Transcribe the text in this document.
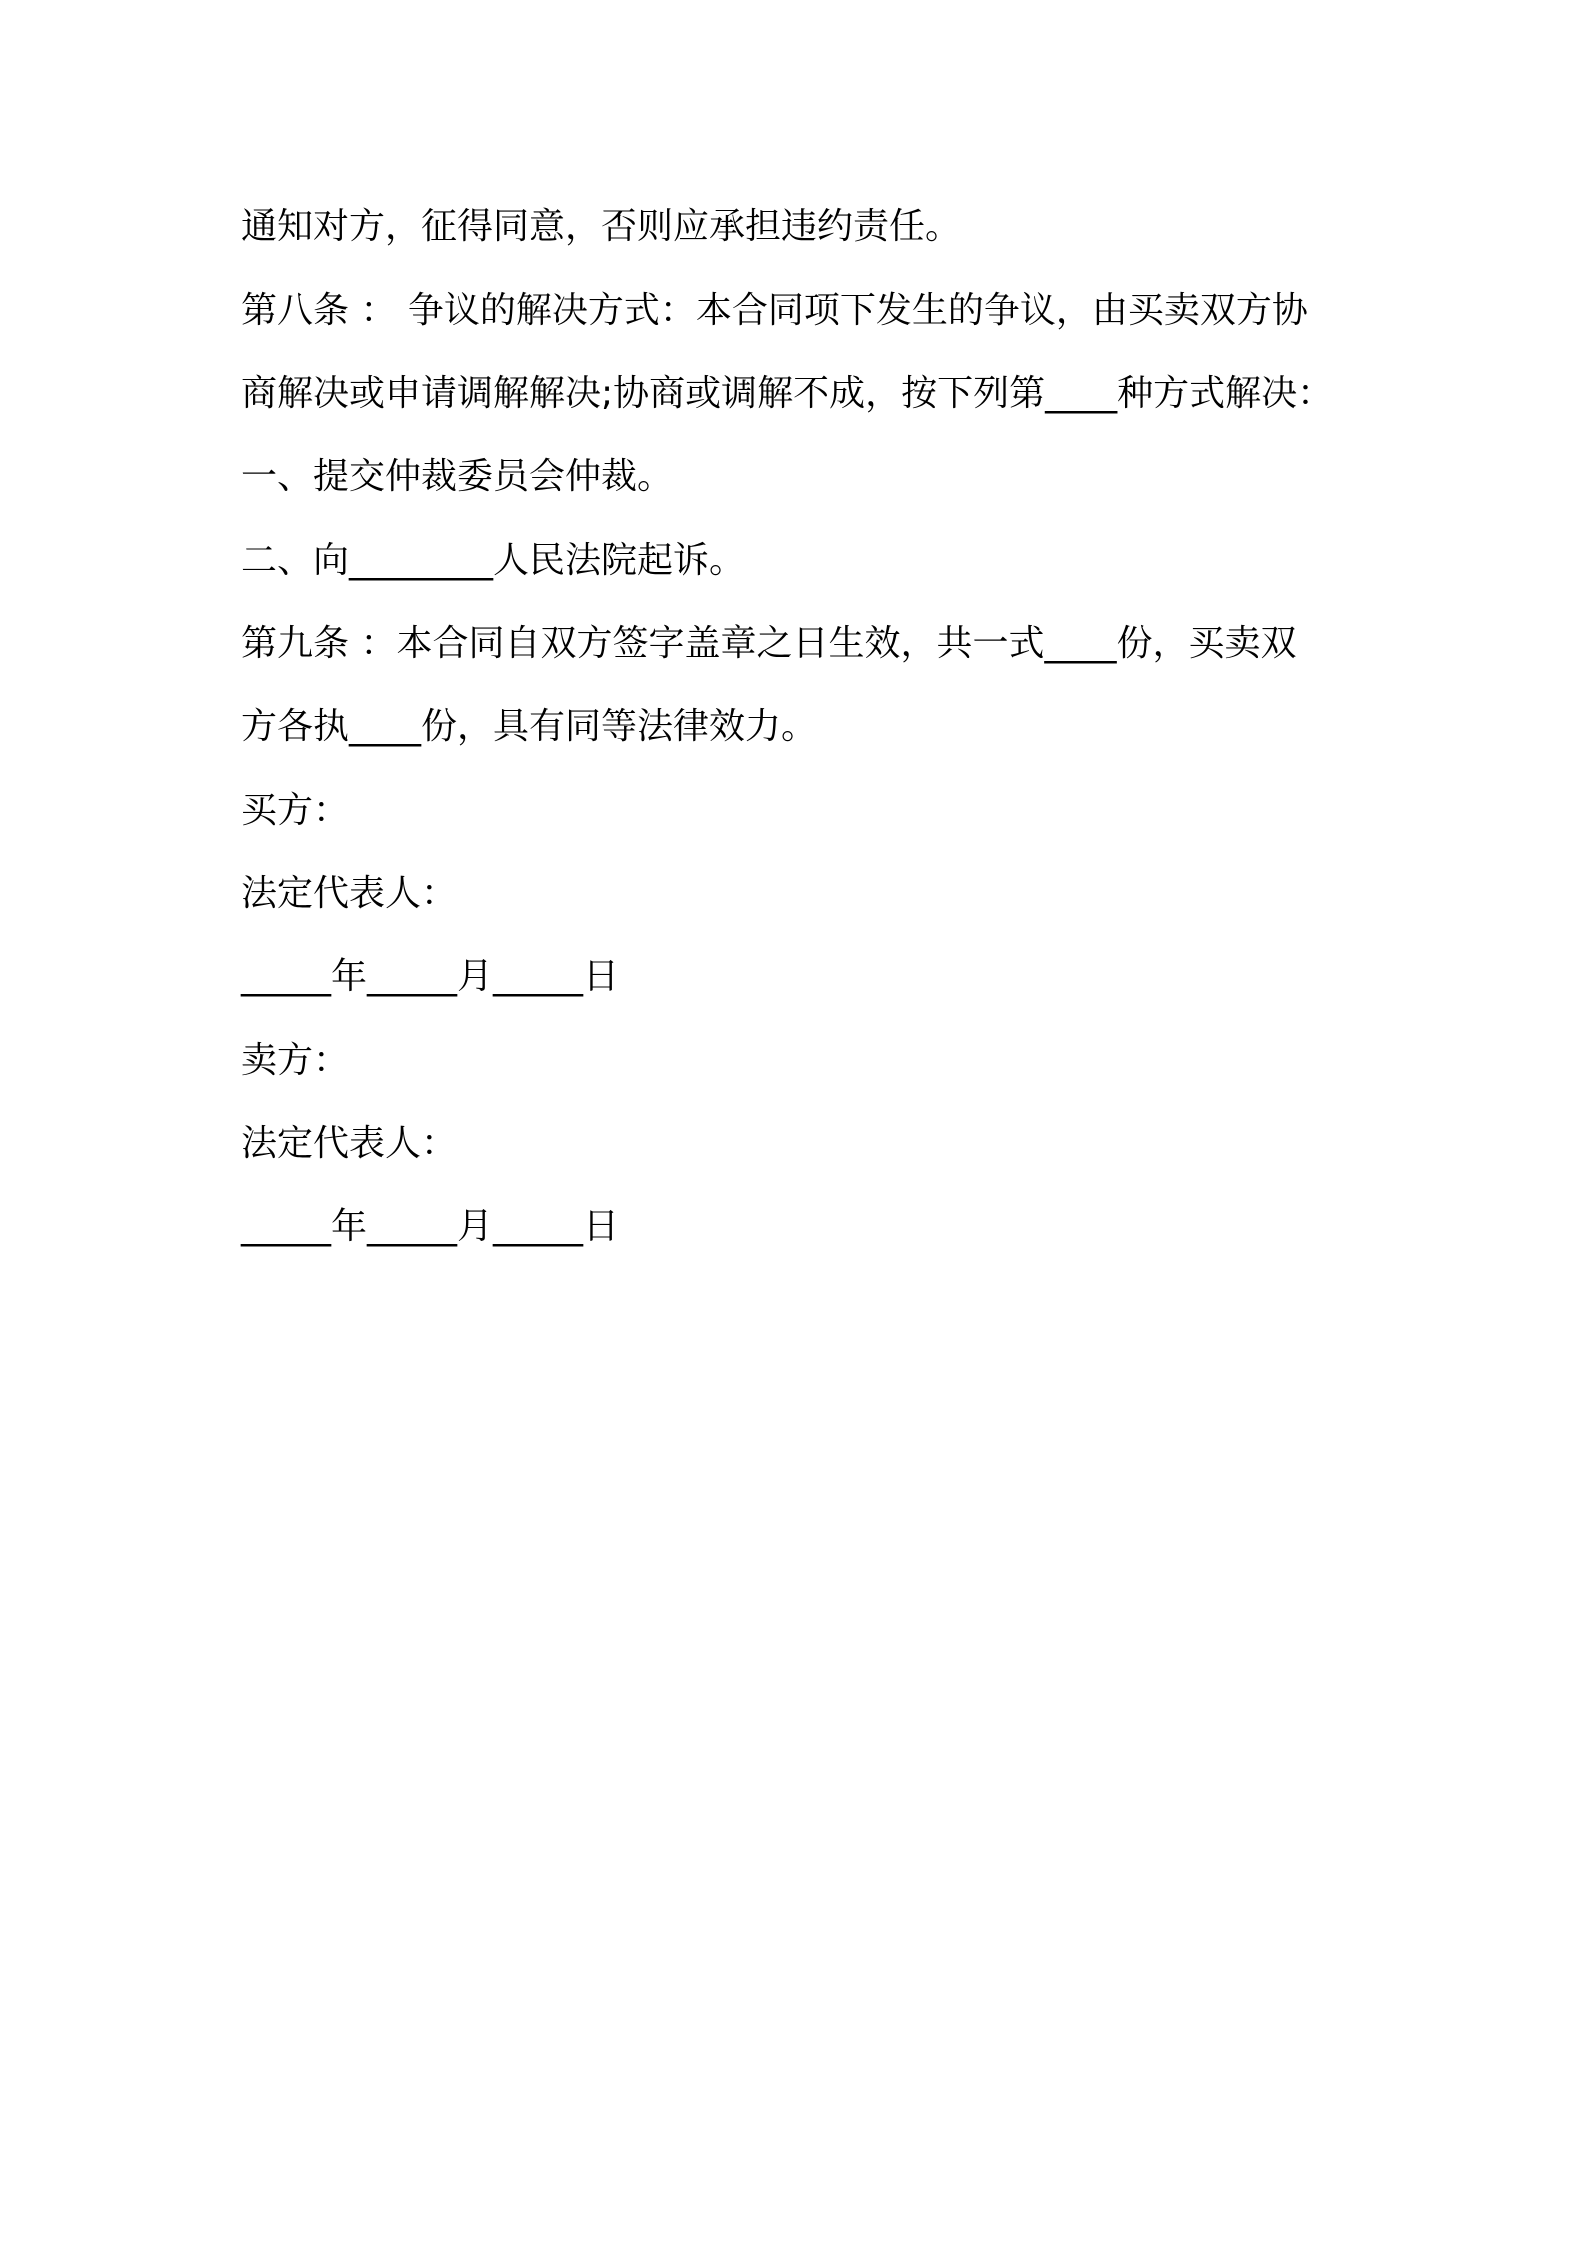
通知对方，征得同意，否则应承担违约责任。
第八条 ： 争议的解决方式：本合同项下发生的争议，由买卖双方协
商解决或申请调解解决;协商或调解不成，按下列第____种方式解决：
一、提交仲裁委员会仲裁。
二、向________人民法院起诉。
第九条 ：本合同自双方签字盖章之日生效，共一式____份，买卖双
方各执____份，具有同等法律效力。
买方：
法定代表人：
_____年_____月_____日
卖方：
法定代表人：
_____年_____月_____日
